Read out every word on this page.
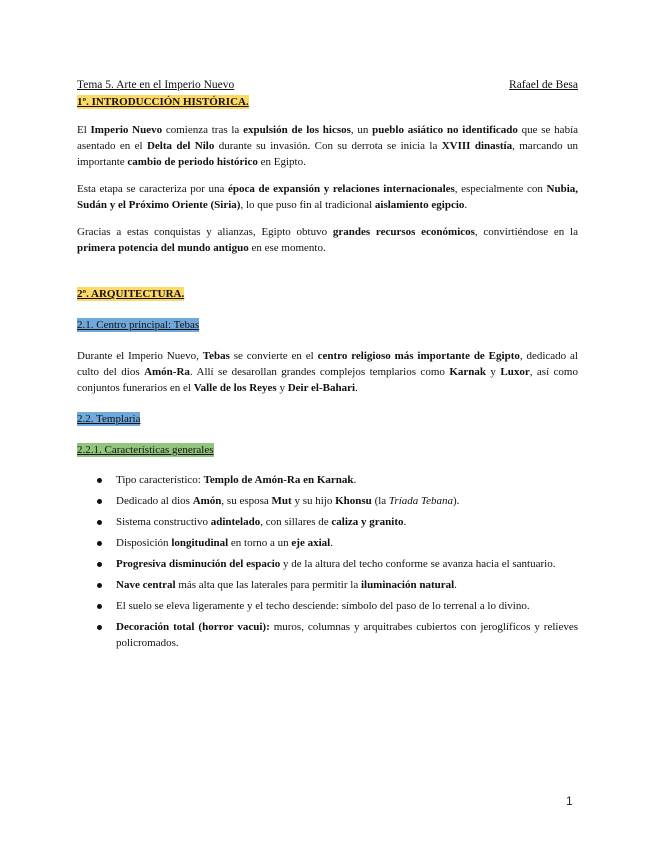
Tema 5. Arte en el Imperio Nuevo	Rafael de Besa
1º. INTRODUCCIÓN HISTÓRICA.

El Imperio Nuevo comienza tras la expulsión de los hicsos, un pueblo asiático no identificado que se había asentado en el Delta del Nilo durante su invasión. Con su derrota se inicia la XVIII dinastía, marcando un importante cambio de periodo histórico en Egipto.

Esta etapa se caracteriza por una época de expansión y relaciones internacionales, especialmente con Nubia, Sudán y el Próximo Oriente (Siria), lo que puso fin al tradicional aislamiento egipcio.

Gracias a estas conquistas y alianzas, Egipto obtuvo grandes recursos económicos, convirtiéndose en la primera potencia del mundo antiguo en ese momento.

2º. ARQUITECTURA.
2.1. Centro principal: Tebas

Durante el Imperio Nuevo, Tebas se convierte en el centro religioso más importante de Egipto, dedicado al culto del dios Amón-Ra. Allí se desarollan grandes complejos templarios como Karnak y Luxor, así como conjuntos funerarios en el Valle de los Reyes y Deir el-Bahari.

2.2. Templaria
2.2.1. Características generales
Tipo característico: Templo de Amón-Ra en Karnak.
Dedicado al dios Amón, su esposa Mut y su hijo Khonsu (la Tríada Tebana).
Sistema constructivo adintelado, con sillares de caliza y granito.
Disposición longitudinal en torno a un eje axial.
Progresiva disminución del espacio y de la altura del techo conforme se avanza hacia el santuario.
Nave central más alta que las laterales para permitir la iluminación natural.
El suelo se eleva ligeramente y el techo desciende: símbolo del paso de lo terrenal a lo divino.
Decoración total (horror vacui): muros, columnas y arquitrabes cubiertos con jeroglíficos y relieves policromados.
1
